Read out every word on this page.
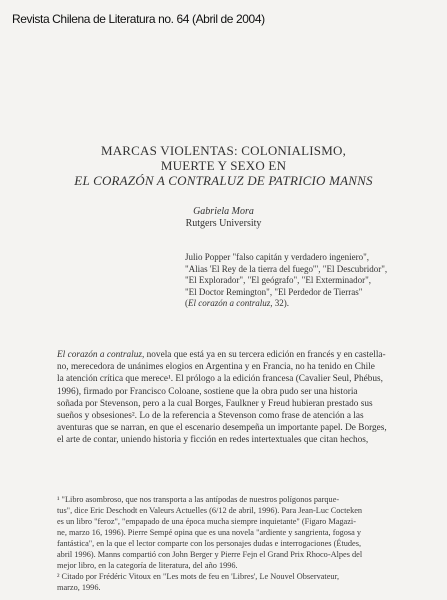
Revista Chilena de Literatura no. 64 (Abril de 2004)
MARCAS VIOLENTAS: COLONIALISMO,
MUERTE Y SEXO EN
EL CORAZÓN A CONTRALUZ DE PATRICIO MANNS
Gabriela Mora
Rutgers University
Julio Popper "falso capitán y verdadero ingeniero",
"Alias 'El Rey de la tierra del fuego'", "El Descubridor",
"El Explorador", "El geógrafo", "El Exterminador",
"El Doctor Remington", "El Perdedor de Tierras"
(El corazón a contraluz, 32).
El corazón a contraluz, novela que está ya en su tercera edición en francés y en castella-
no, merecedora de unánimes elogios en Argentina y en Francia, no ha tenido en Chile
la atención crítica que merece¹. El prólogo a la edición francesa (Cavalier Seul, Phébus,
1996), firmado por Francisco Coloane, sostiene que la obra pudo ser una historia
soñada por Stevenson, pero a la cual Borges, Faulkner y Freud hubieran prestado sus
sueños y obsesiones². Lo de la referencia a Stevenson como frase de atención a las
aventuras que se narran, en que el escenario desempeña un importante papel. De Borges,
el arte de contar, uniendo historia y ficción en redes intertextuales que citan hechos,

¹ "Libro asombroso, que nos transporta a las antípodas de nuestros polígonos parque-
tus", dice Eric Deschodt en Valeurs Actuelles (6/12 de abril, 1996). Para Jean-Luc Cocteken
es un libro "feroz", "empapado de una época mucha siempre inquietante" (Figaro Magazi-
ne, marzo 16, 1996). Pierre Sempé opina que es una novela "ardiente y sangrienta, fogosa y
fantástica", en la que el lector comparte con los personajes dudas e interrogaciones (Études,
abril 1996). Manns compartió con John Berger y Pierre Fejn el Grand Prix Rhoco-Alpes del
mejor libro, en la categoría de literatura, del año 1996.

² Citado por Frédéric Vitoux en "Les mots de feu en 'Libres', Le Nouvel Observateur,
marzo, 1996.
